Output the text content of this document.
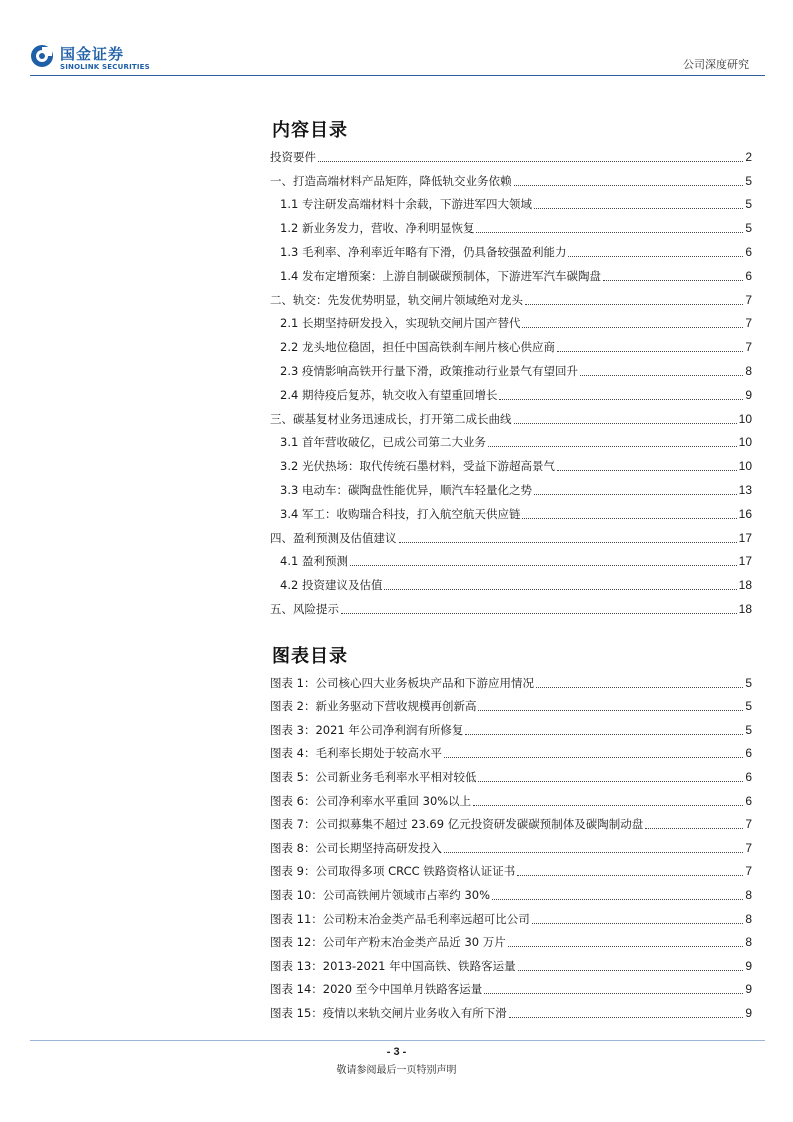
国金证券
SINOLINK SECURITIES	公司深度研究
内容目录
投资要件	2
一、打造高端材料产品矩阵，降低轨交业务依赖	5
1.1 专注研发高端材料十余载，下游进军四大领域	5
1.2 新业务发力，营收、净利明显恢复	5
1.3 毛利率、净利率近年略有下滑，仍具备较强盈利能力	6
1.4 发布定增预案：上游自制碳碳预制体，下游进军汽车碳陶盘	6
二、轨交：先发优势明显，轨交闸片领域绝对龙头	7
2.1 长期坚持研发投入，实现轨交闸片国产替代	7
2.2 龙头地位稳固，担任中国高铁刹车闸片核心供应商	7
2.3 疫情影响高铁开行量下滑，政策推动行业景气有望回升	8
2.4 期待疫后复苏，轨交收入有望重回增长	9
三、碳基复材业务迅速成长，打开第二成长曲线	10
3.1 首年营收破亿，已成公司第二大业务	10
3.2 光伏热场：取代传统石墨材料，受益下游超高景气	10
3.3 电动车：碳陶盘性能优异，顺汽车轻量化之势	13
3.4 军工：收购瑞合科技，打入航空航天供应链	16
四、盈利预测及估值建议	17
4.1 盈利预测	17
4.2 投资建议及估值	18
五、风险提示	18
图表目录
图表 1：公司核心四大业务板块产品和下游应用情况	5
图表 2：新业务驱动下营收规模再创新高	5
图表 3：2021 年公司净利润有所修复	5
图表 4：毛利率长期处于较高水平	6
图表 5：公司新业务毛利率水平相对较低	6
图表 6：公司净利率水平重回 30%以上	6
图表 7：公司拟募集不超过 23.69 亿元投资研发碳碳预制体及碳陶制动盘	7
图表 8：公司长期坚持高研发投入	7
图表 9：公司取得多项 CRCC 铁路资格认证证书	7
图表 10：公司高铁闸片领域市占率约 30%	8
图表 11：公司粉末冶金类产品毛利率远超可比公司	8
图表 12：公司年产粉末冶金类产品近 30 万片	8
图表 13：2013-2021 年中国高铁、铁路客运量	9
图表 14：2020 至今中国单月铁路客运量	9
图表 15：疫情以来轨交闸片业务收入有所下滑	9
- 3 -
敬请参阅最后一页特别声明
